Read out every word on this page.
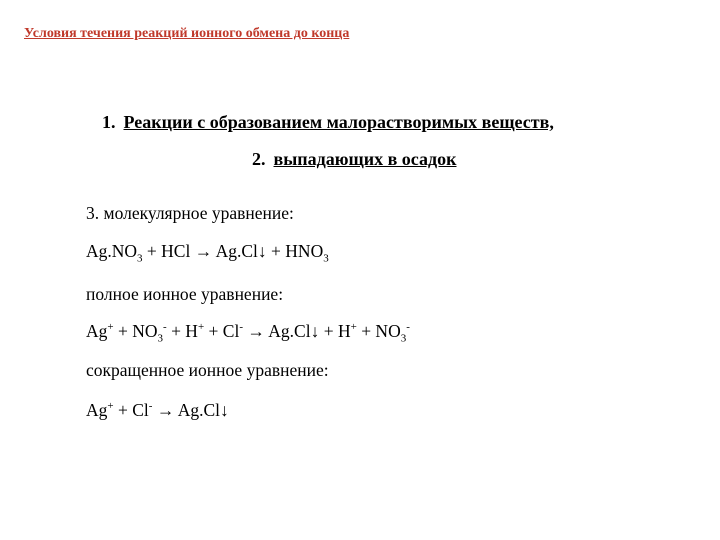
Условия течения реакций ионного обмена до конца
1. Реакции с образованием малорастворимых веществ,
2. выпадающих в осадок
3. молекулярное уравнение:
$Ag.NO_3$ + HCl → Ag.Cl↓ + $HNO_3$
полное ионное уравнение:
$Ag^+ + NO_3^- + H^+ + Cl^-$ → Ag.Cl↓ + $H^+ + NO_3^-$
сокращенное ионное уравнение:
Ag+ + Cl- → Ag.Cl↓
